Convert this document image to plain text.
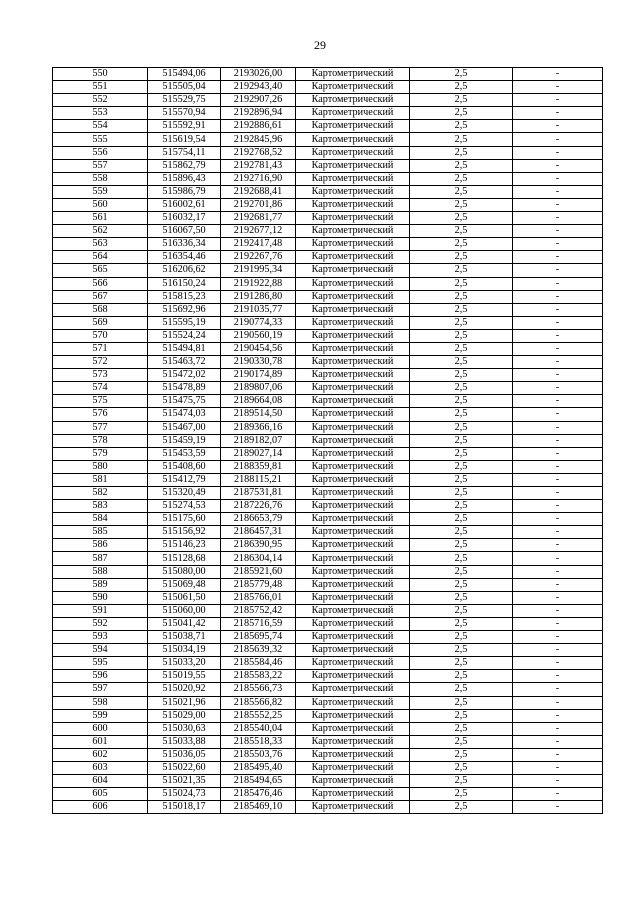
29
550	515494,06	2193026,00	Картометрический	2,5	-
551	515505,04	2192943,40	Картометрический	2,5	-
552	515529,75	2192907,26	Картометрический	2,5	-
553	515570,94	2192896,94	Картометрический	2,5	-
554	515592,91	2192886,61	Картометрический	2,5	-
555	515619,54	2192845,96	Картометрический	2,5	-
556	515754,11	2192768,52	Картометрический	2,5	-
557	515862,79	2192781,43	Картометрический	2,5	-
558	515896,43	2192716,90	Картометрический	2,5	-
559	515986,79	2192688,41	Картометрический	2,5	-
560	516002,61	2192701,86	Картометрический	2,5	-
561	516032,17	2192681,77	Картометрический	2,5	-
562	516067,50	2192677,12	Картометрический	2,5	-
563	516336,34	2192417,48	Картометрический	2,5	-
564	516354,46	2192267,76	Картометрический	2,5	-
565	516206,62	2191995,34	Картометрический	2,5	-
566	516150,24	2191922,88	Картометрический	2,5	-
567	515815,23	2191286,80	Картометрический	2,5	-
568	515692,96	2191035,77	Картометрический	2,5	-
569	515595,19	2190774,33	Картометрический	2,5	-
570	515524,24	2190560,19	Картометрический	2,5	-
571	515494,81	2190454,56	Картометрический	2,5	-
572	515463,72	2190330,78	Картометрический	2,5	-
573	515472,02	2190174,89	Картометрический	2,5	-
574	515478,89	2189807,06	Картометрический	2,5	-
575	515475,75	2189664,08	Картометрический	2,5	-
576	515474,03	2189514,50	Картометрический	2,5	-
577	515467,00	2189366,16	Картометрический	2,5	-
578	515459,19	2189182,07	Картометрический	2,5	-
579	515453,59	2189027,14	Картометрический	2,5	-
580	515408,60	2188359,81	Картометрический	2,5	-
581	515412,79	2188115,21	Картометрический	2,5	-
582	515320,49	2187531,81	Картометрический	2,5	-
583	515274,53	2187226,76	Картометрический	2,5	-
584	515175,60	2186653,79	Картометрический	2,5	-
585	515156,92	2186457,31	Картометрический	2,5	-
586	515146,23	2186390,95	Картометрический	2,5	-
587	515128,68	2186304,14	Картометрический	2,5	-
588	515080,00	2185921,60	Картометрический	2,5	-
589	515069,48	2185779,48	Картометрический	2,5	-
590	515061,50	2185766,01	Картометрический	2,5	-
591	515060,00	2185752,42	Картометрический	2,5	-
592	515041,42	2185716,59	Картометрический	2,5	-
593	515038,71	2185695,74	Картометрический	2,5	-
594	515034,19	2185639,32	Картометрический	2,5	-
595	515033,20	2185584,46	Картометрический	2,5	-
596	515019,55	2185583,22	Картометрический	2,5	-
597	515020,92	2185566,73	Картометрический	2,5	-
598	515021,96	2185566,82	Картометрический	2,5	-
599	515029,00	2185552,25	Картометрический	2,5	-
600	515030,63	2185540,04	Картометрический	2,5	-
601	515033,88	2185518,33	Картометрический	2,5	-
602	515036,05	2185503,76	Картометрический	2,5	-
603	515022,60	2185495,40	Картометрический	2,5	-
604	515021,35	2185494,65	Картометрический	2,5	-
605	515024,73	2185476,46	Картометрический	2,5	-
606	515018,17	2185469,10	Картометрический	2,5	-
